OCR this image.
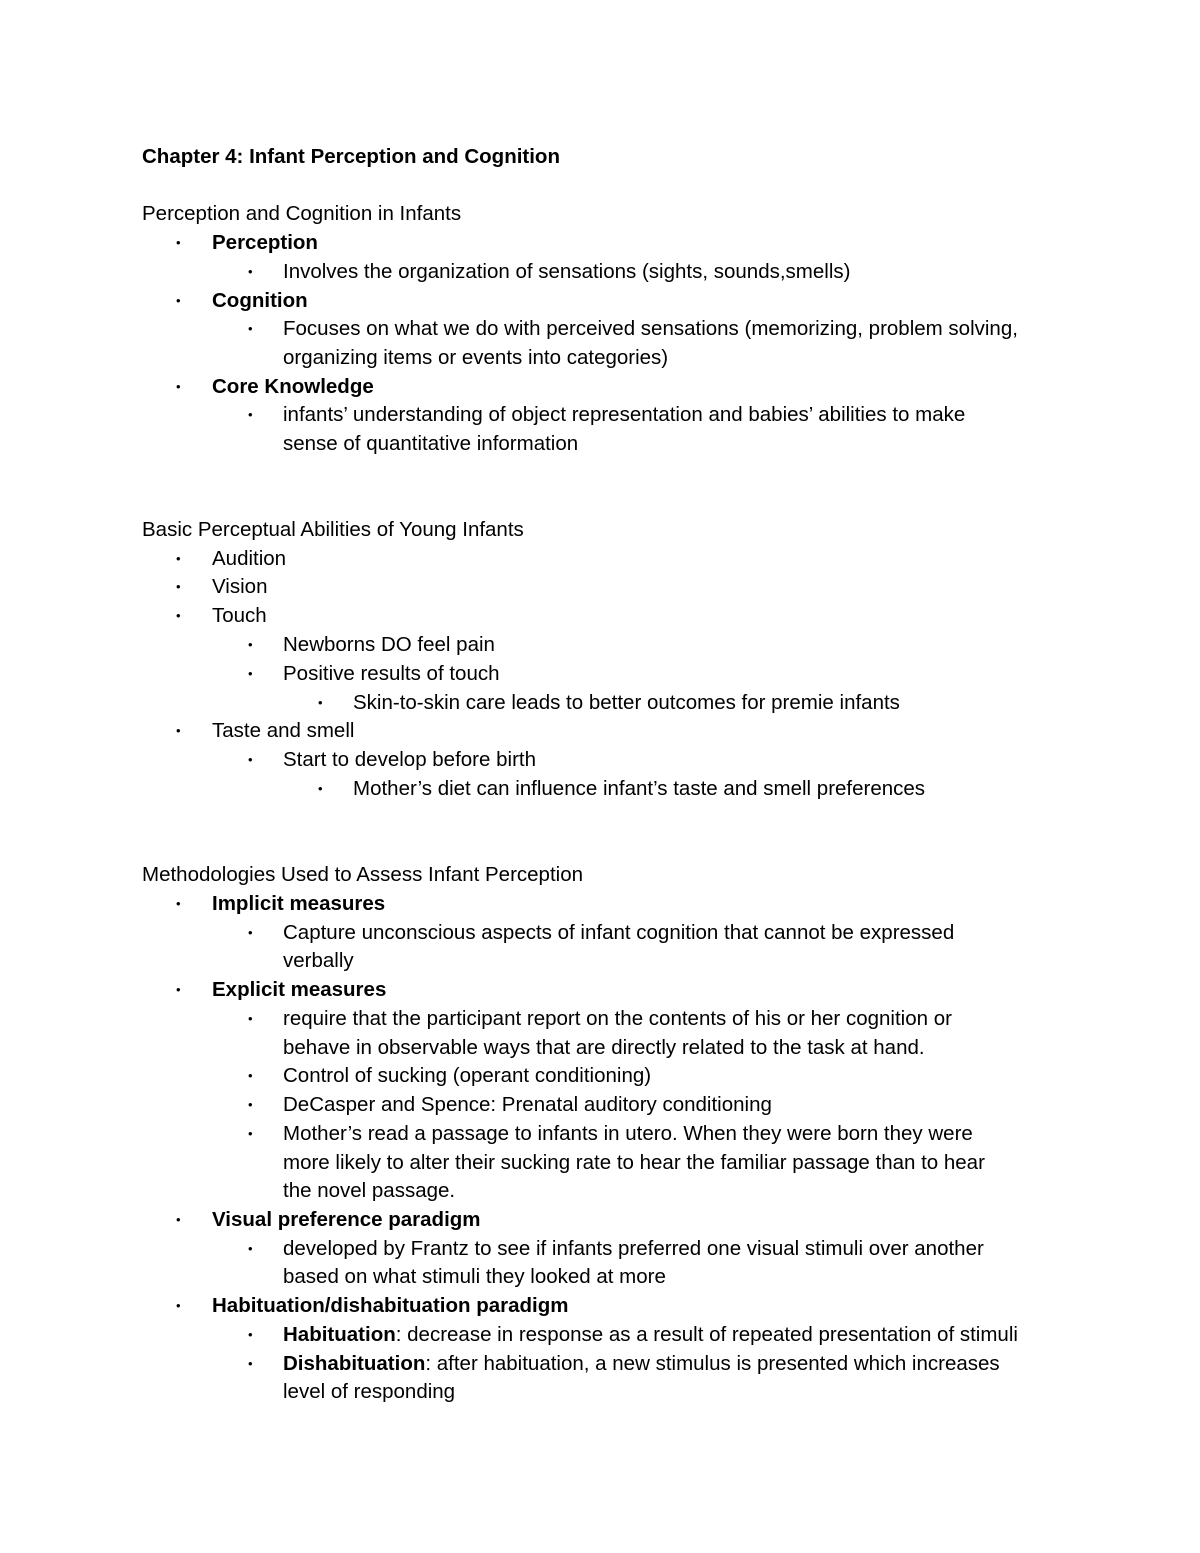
Chapter 4: Infant Perception and Cognition
Perception and Cognition in Infants
• Perception
• Involves the organization of sensations (sights, sounds,smells)
• Cognition
• Focuses on what we do with perceived sensations (memorizing, problem solving,
organizing items or events into categories)
• Core Knowledge
• infants’ understanding of object representation and babies’ abilities to make
sense of quantitative information
Basic Perceptual Abilities of Young Infants
• Audition
• Vision
• Touch
• Newborns DO feel pain
• Positive results of touch
• Skin-to-skin care leads to better outcomes for premie infants
• Taste and smell
• Start to develop before birth
• Mother’s diet can influence infant’s taste and smell preferences
Methodologies Used to Assess Infant Perception
• Implicit measures
• Capture unconscious aspects of infant cognition that cannot be expressed
verbally
• Explicit measures
• require that the participant report on the contents of his or her cognition or
behave in observable ways that are directly related to the task at hand.
• Control of sucking (operant conditioning)
• DeCasper and Spence: Prenatal auditory conditioning
• Mother’s read a passage to infants in utero. When they were born they were
more likely to alter their sucking rate to hear the familiar passage than to hear
the novel passage.
• Visual preference paradigm
• developed by Frantz to see if infants preferred one visual stimuli over another
based on what stimuli they looked at more
• Habituation/dishabituation paradigm
• Habituation: decrease in response as a result of repeated presentation of stimuli
• Dishabituation: after habituation, a new stimulus is presented which increases
level of responding
